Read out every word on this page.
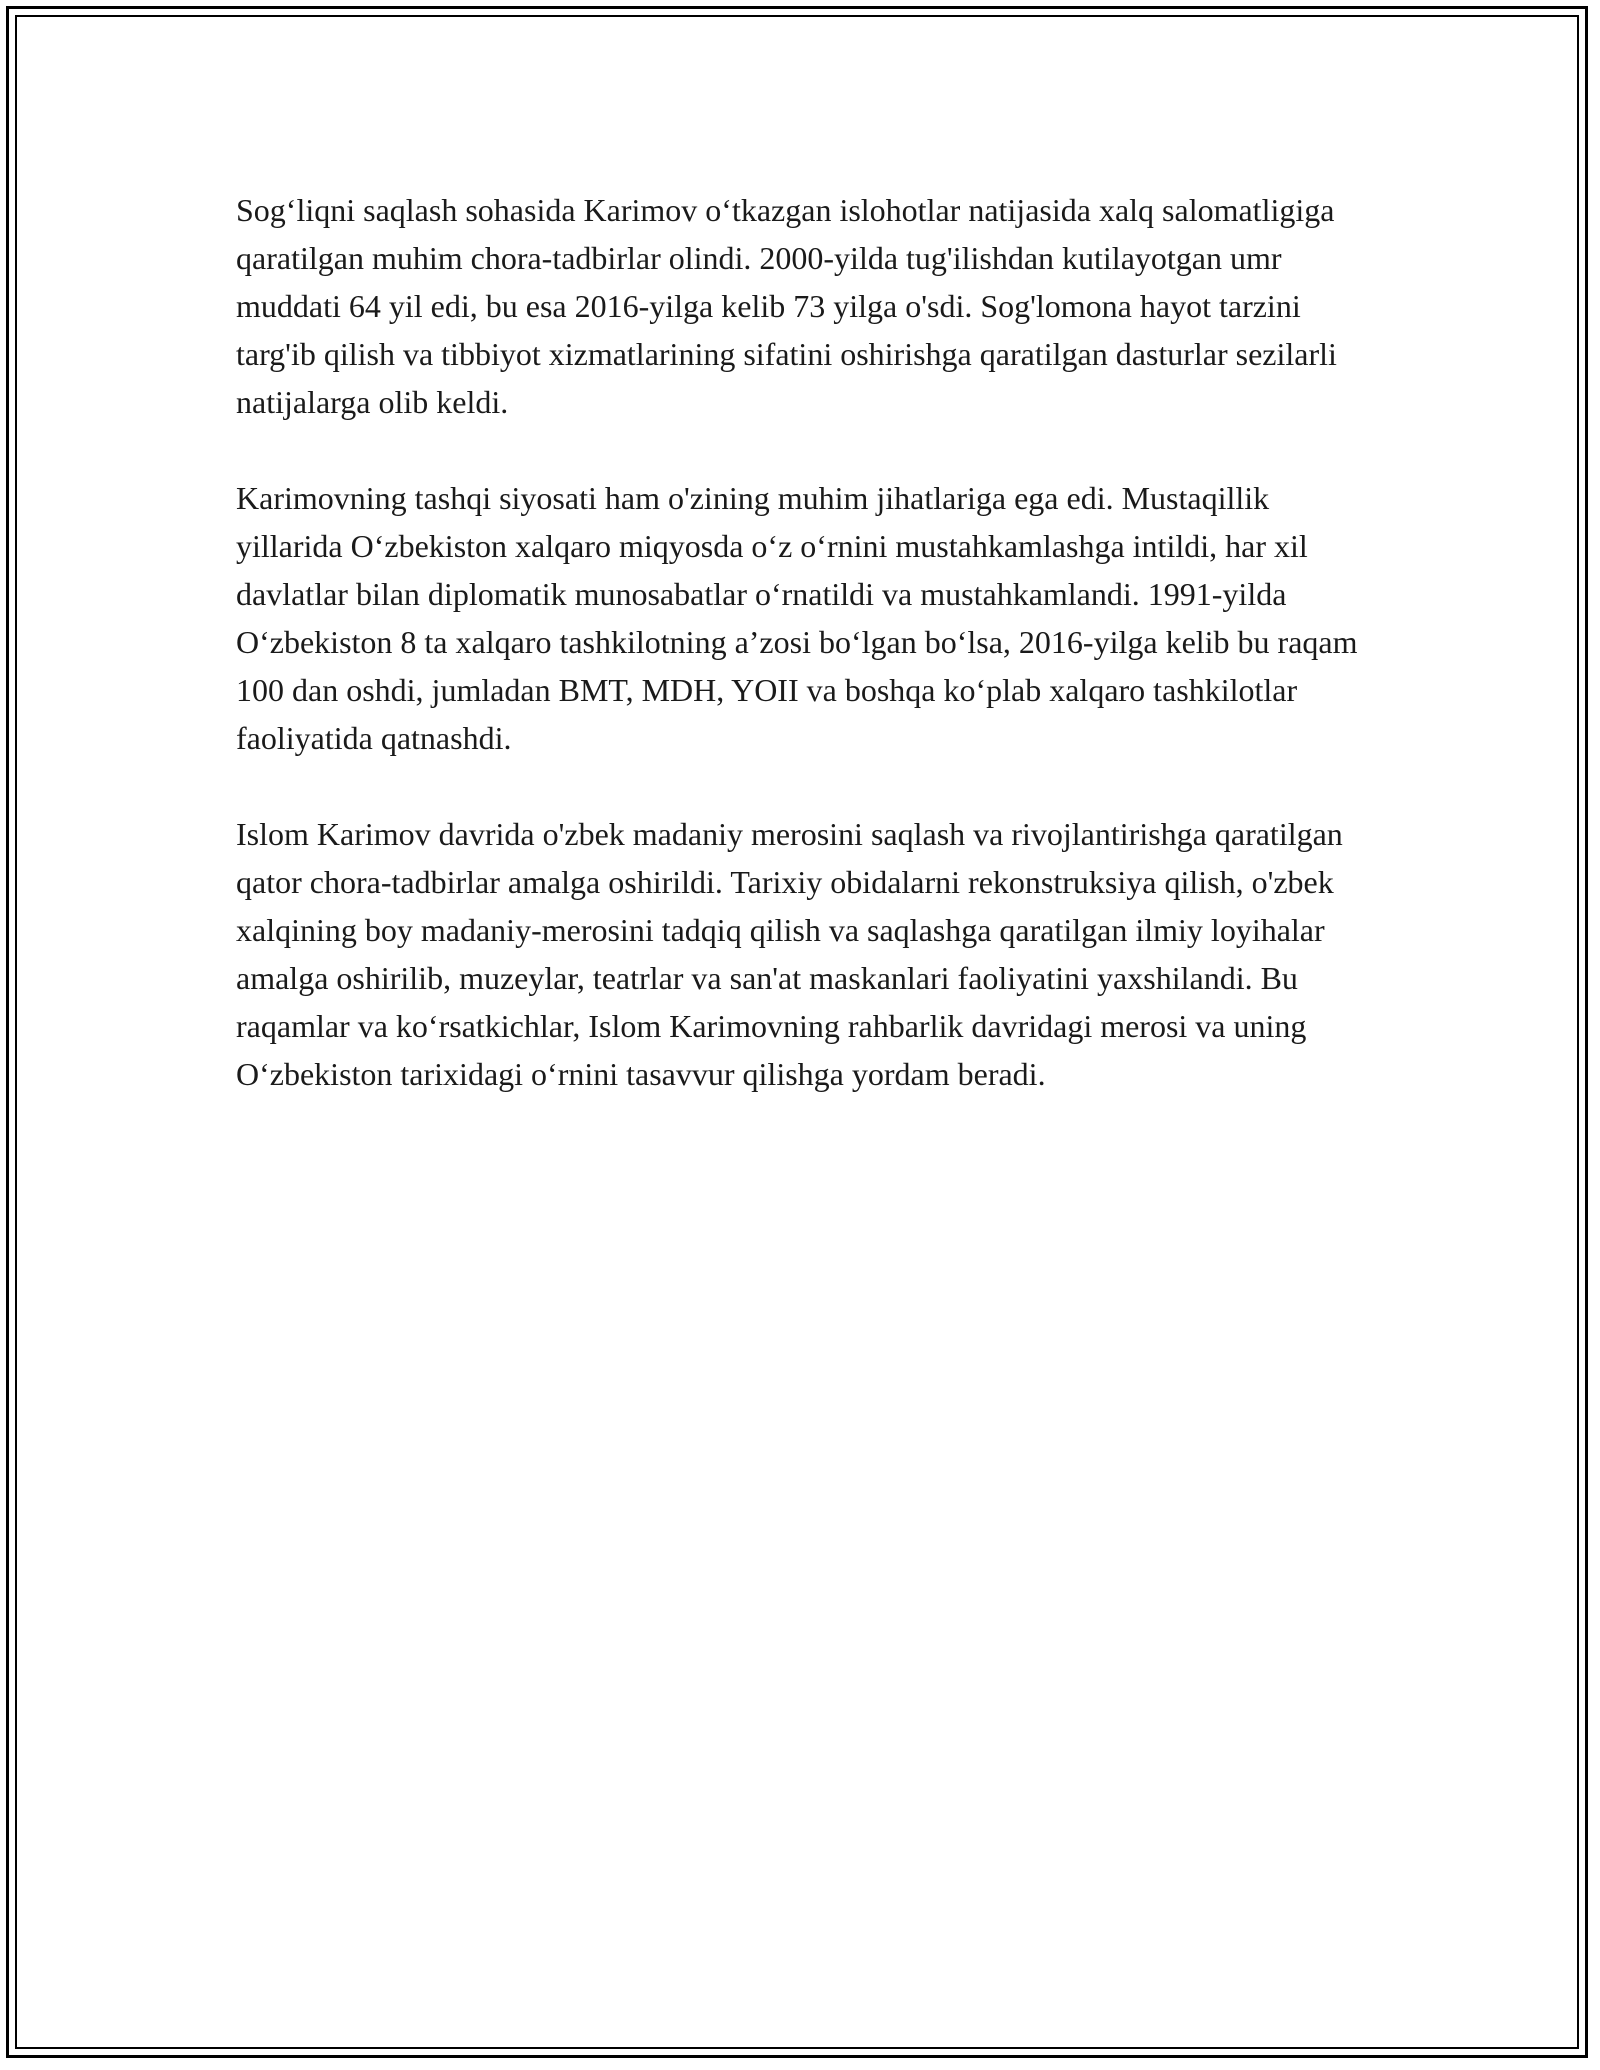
Sog‘liqni saqlash sohasida Karimov o‘tkazgan islohotlar natijasida xalq salomatligiga qaratilgan muhim chora-tadbirlar olindi. 2000-yilda tug'ilishdan kutilayotgan umr muddati 64 yil edi, bu esa 2016-yilga kelib 73 yilga o'sdi. Sog'lomona hayot tarzini targ'ib qilish va tibbiyot xizmatlarining sifatini oshirishga qaratilgan dasturlar sezilarli natijalarga olib keldi.

Karimovning tashqi siyosati ham o'zining muhim jihatlariga ega edi. Mustaqillik yillarida O‘zbekiston xalqaro miqyosda o‘z o‘rnini mustahkamlashga intildi, har xil davlatlar bilan diplomatik munosabatlar o‘rnatildi va mustahkamlandi. 1991-yilda O‘zbekiston 8 ta xalqaro tashkilotning a’zosi bo‘lgan bo‘lsa, 2016-yilga kelib bu raqam 100 dan oshdi, jumladan BMT, MDH, YOII va boshqa ko‘plab xalqaro tashkilotlar faoliyatida qatnashdi.

Islom Karimov davrida o'zbek madaniy merosini saqlash va rivojlantirishga qaratilgan qator chora-tadbirlar amalga oshirildi. Tarixiy obidalarni rekonstruksiya qilish, o'zbek xalqining boy madaniy-merosini tadqiq qilish va saqlashga qaratilgan ilmiy loyihalar amalga oshirilib, muzeylar, teatrlar va san'at maskanlari faoliyatini yaxshilandi. Bu raqamlar va ko‘rsatkichlar, Islom Karimovning rahbarlik davridagi merosi va uning O‘zbekiston tarixidagi o‘rnini tasavvur qilishga yordam beradi.
